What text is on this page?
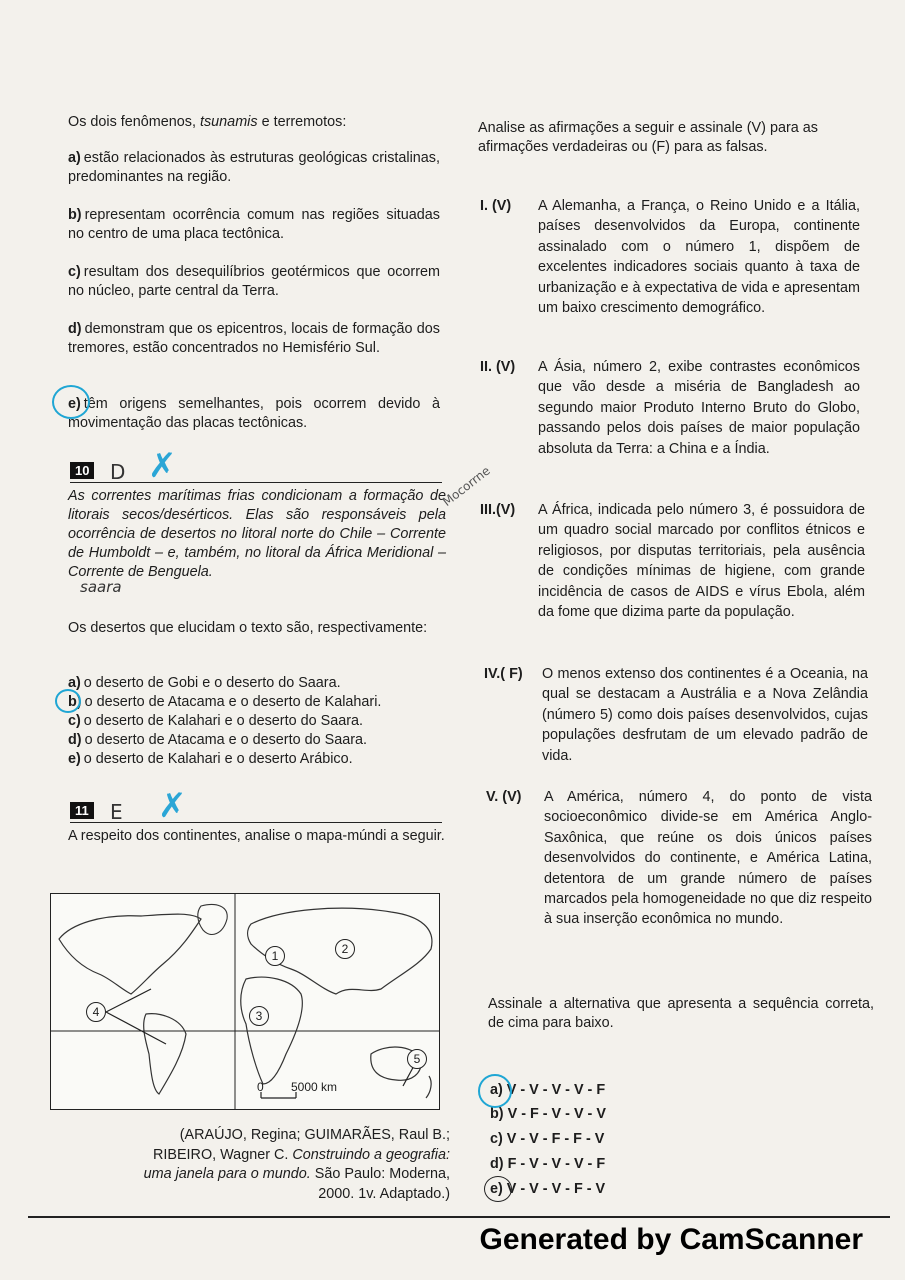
Os dois fenômenos, tsunamis e terremotos:
a) estão relacionados às estruturas geológicas cristalinas, predominantes na região.
b) representam ocorrência comum nas regiões situadas no centro de uma placa tectônica.
c) resultam dos desequilíbrios geotérmicos que ocorrem no núcleo, parte central da Terra.
d) demonstram que os epicentros, locais de formação dos tremores, estão concentrados no Hemisfério Sul.
e) têm origens semelhantes, pois ocorrem devido à movimentação das placas tectônicas.
10 D ✗
As correntes marítimas frias condicionam a formação de litorais secos/desérticos. Elas são responsáveis pela ocorrência de desertos no litoral norte do Chile – Corrente de Humboldt – e, também, no litoral da África Meridional – Corrente de Benguela.
saara
Os desertos que elucidam o texto são, respectivamente:
a) o deserto de Gobi e o deserto do Saara.
b) o deserto de Atacama e o deserto de Kalahari.
c) o deserto de Kalahari e o deserto do Saara.
d) o deserto de Atacama e o deserto do Saara.
e) o deserto de Kalahari e o deserto Arábico.
11 E ✗
A respeito dos continentes, analise o mapa-múndi a seguir.
1	2
3
4
5
0 5000 km
(ARAÚJO, Regina; GUIMARÃES, Raul B.;
RIBEIRO, Wagner C. Construindo a geografia:
uma janela para o mundo. São Paulo: Moderna,
2000. 1v. Adaptado.)
Analise as afirmações a seguir e assinale (V) para as afirmações verdadeiras ou (F) para as falsas.
I. (V) A Alemanha, a França, o Reino Unido e a Itália, países desenvolvidos da Europa, continente assinalado com o número 1, dispõem de excelentes indicadores sociais quanto à taxa de urbanização e à expectativa de vida e apresentam um baixo crescimento demográfico.
II. (V) A Ásia, número 2, exibe contrastes econômicos que vão desde a miséria de Bangladesh ao segundo maior Produto Interno Bruto do Globo, passando pelos dois países de maior população absoluta da Terra: a China e a Índia.
III.(V) A África, indicada pelo número 3, é possuidora de um quadro social marcado por conflitos étnicos e religiosos, por disputas territoriais, pela ausência de condições mínimas de higiene, com grande incidência de casos de AIDS e vírus Ebola, além da fome que dizima parte da população.
IV.( F) O menos extenso dos continentes é a Oceania, na qual se destacam a Austrália e a Nova Zelândia (número 5) como dois países desenvolvidos, cujas populações desfrutam de um elevado padrão de vida.
V. (V) A América, número 4, do ponto de vista socioeconômico divide-se em América Anglo-Saxônica, que reúne os dois únicos países desenvolvidos do continente, e América Latina, detentora de um grande número de países marcados pela homogeneidade no que diz respeito à sua inserção econômica no mundo.
Mocorrne
Assinale a alternativa que apresenta a sequência correta, de cima para baixo.
a) V - V - V - V - F
b) V - F - V - V - V
c) V - V - F - F - V
d) F - V - V - V - F
e) V - V - V - F - V
Generated by CamScanner
